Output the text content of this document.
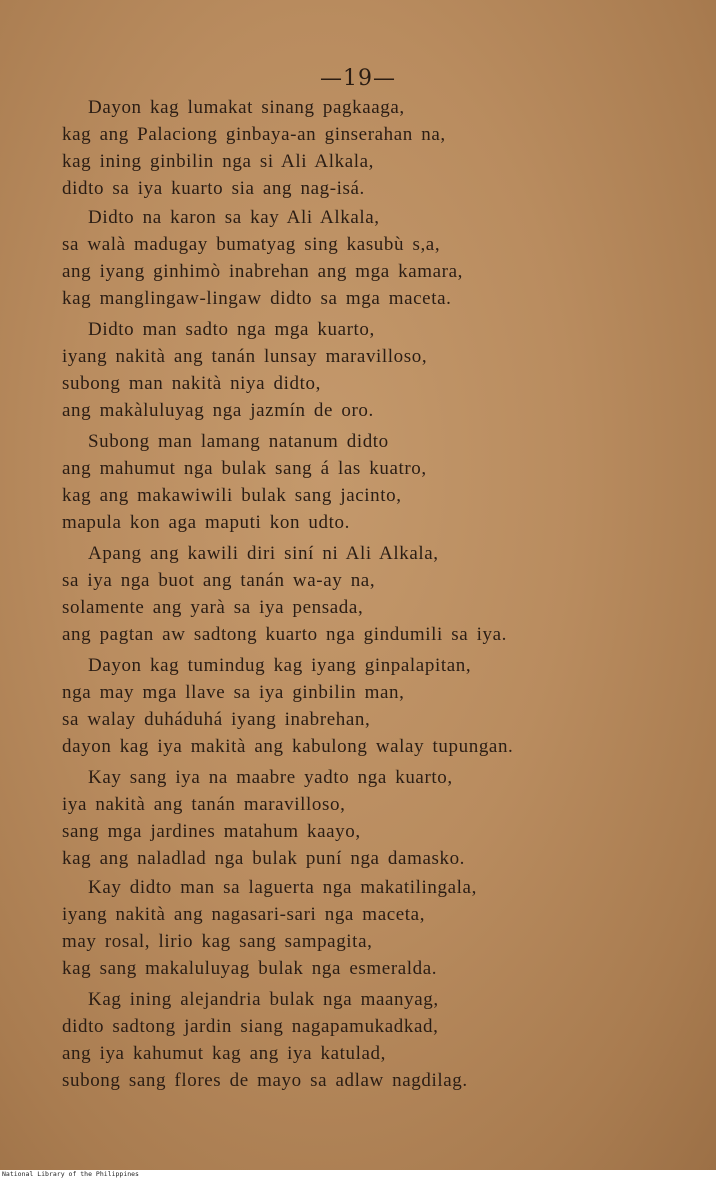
—19—
Dayon kag lumakat sinang pagkaaga,
kag ang Palaciong ginbaya-an ginserahan na,
kag ining ginbilin nga si Ali Alkala,
didto sa iya kuarto sia ang nag-isá.
Didto na karon sa kay Ali Alkala,
sa walà madugay bumatyag sing kasubù s,a,
ang iyang ginhimò inabrehan ang mga kamara,
kag manglingaw-lingaw didto sa mga maceta.
Didto man sadto nga mga kuarto,
iyang nakità ang tanán lunsay maravilloso,
subong man nakità niya didto,
ang makàluluyag nga jazmín de oro.
Subong man lamang natanum didto
ang mahumut nga bulak sang á las kuatro,
kag ang makawiwili bulak sang jacinto,
mapula kon aga maputi kon udto.
Apang ang kawili diri siní ni Ali Alkala,
sa iya nga buot ang tanán wa-ay na,
solamente ang yarà sa iya pensada,
ang pagtan aw sadtong kuarto nga gindumili sa iya.
Dayon kag tumindug kag iyang ginpalapitan,
nga may mga llave sa iya ginbilin man,
sa walay duháduhá iyang inabrehan,
dayon kag iya makità ang kabulong walay tupungan.
Kay sang iya na maabre yadto nga kuarto,
iya nakità ang tanán maravilloso,
sang mga jardines matahum kaayo,
kag ang naladlad nga bulak puní nga damasko.
Kay didto man sa laguerta nga makatilingala,
iyang nakità ang nagasari-sari nga maceta,
may rosal, lirio kag sang sampagita,
kag sang makaluluyag bulak nga esmeralda.
Kag ining alejandria bulak nga maanyag,
didto sadtong jardin siang nagapamukadkad,
ang iya kahumut kag ang iya katulad,
subong sang flores de mayo sa adlaw nagdilag.
National Library of the Philippines
